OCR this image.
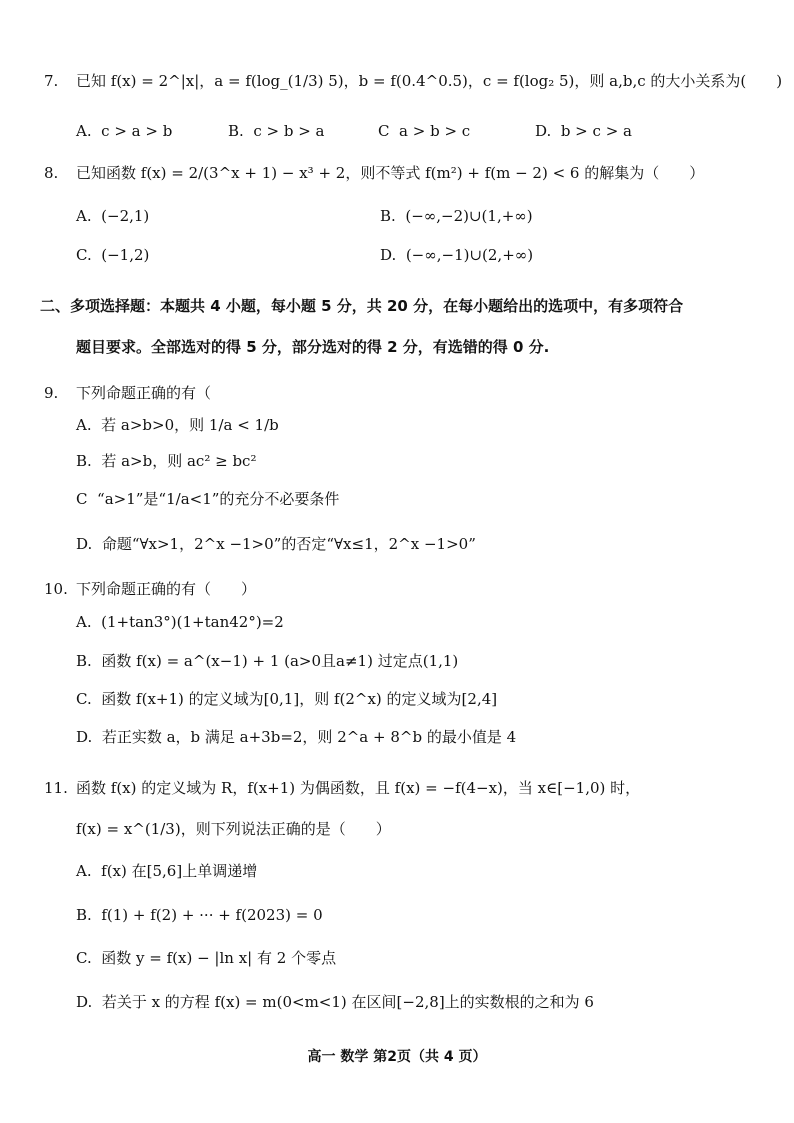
7. 已知 f(x) = 2^|x|，a = f(log_(1/3) 5)，b = f(0.4^0.5)，c = f(log₂ 5)，则 a,b,c 的大小关系为(　　)
A. c > a > b	B. c > b > a	C a > b > c	D. b > c > a
8. 已知函数 f(x) = 2/(3^x + 1) − x³ + 2，则不等式 f(m²) + f(m − 2) < 6 的解集为（　　）
A. (−2,1)	B. (−∞,−2)∪(1,+∞)
C. (−1,2)	D. (−∞,−1)∪(2,+∞)
二、多项选择题：本题共 4 小题，每小题 5 分，共 20 分，在每小题给出的选项中，有多项符合
题目要求。全部选对的得 5 分，部分选对的得 2 分，有选错的得 0 分.
9. 下列命题正确的有（
A. 若 a>b>0，则 1/a < 1/b
B. 若 a>b，则 ac² ≥ bc²
C “a>1”是“1/a<1”的充分不必要条件
D. 命题“∀x>1，2^x −1>0”的否定“∀x≤1，2^x −1>0”
10. 下列命题正确的有（　　）
A. (1+tan3°)(1+tan42°)=2
B. 函数 f(x) = a^(x−1) + 1 (a>0且a≠1) 过定点(1,1)
C. 函数 f(x+1) 的定义域为[0,1]，则 f(2^x) 的定义域为[2,4]
D. 若正实数 a，b 满足 a+3b=2，则 2^a + 8^b 的最小值是 4
11. 函数 f(x) 的定义域为 R，f(x+1) 为偶函数，且 f(x) = −f(4−x)，当 x∈[−1,0) 时，
f(x) = x^(1/3)，则下列说法正确的是（　　）
A. f(x) 在[5,6]上单调递增
B. f(1) + f(2) + ··· + f(2023) = 0
C. 函数 y = f(x) − |ln x| 有 2 个零点
D. 若关于 x 的方程 f(x) = m(0<m<1) 在区间[−2,8]上的实数根的之和为 6
高一 数学 第2页（共 4 页）
